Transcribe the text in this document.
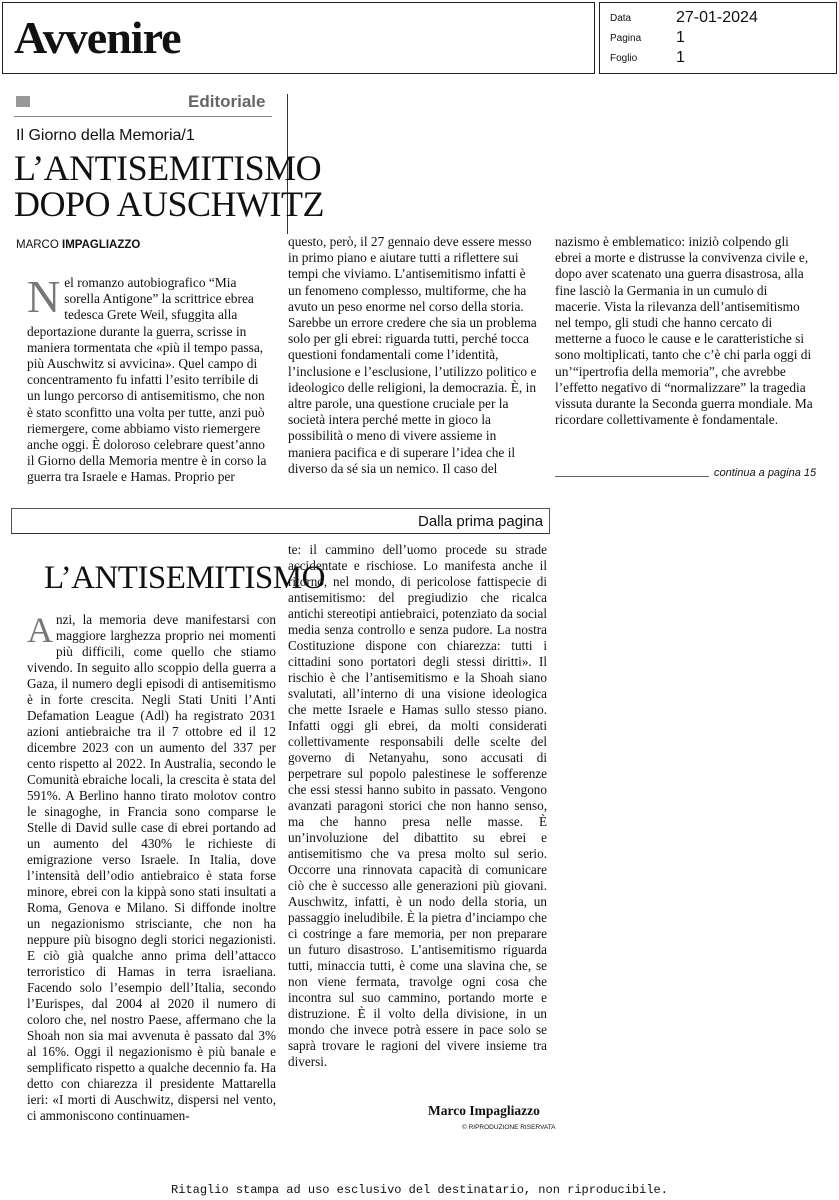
Avvenire	Data	27-01-2024
Pagina 1
Foglio 1
Editoriale
Il Giorno della Memoria/1
L’ANTISEMITISMO
DOPO AUSCHWITZ
MARCO IMPAGLIAZZO
Nel romanzo autobiografico “Mia sorella Antigone” la scrittrice ebrea tedesca Grete Weil, sfuggita alla deportazione durante la guerra, scrisse in maniera tormentata che «più il tempo passa, più Auschwitz si avvicina». Quel campo di concentramento fu infatti l’esito terribile di un lungo percorso di antisemitismo, che non è stato sconfitto una volta per tutte, anzi può riemergere, come abbiamo visto riemergere anche oggi. È doloroso celebrare quest’anno il Giorno della Memoria mentre è in corso la guerra tra Israele e Hamas. Proprio per
questo, però, il 27 gennaio deve essere messo in primo piano e aiutare tutti a riflettere sui tempi che viviamo. L’antisemitismo infatti è un fenomeno complesso, multiforme, che ha avuto un peso enorme nel corso della storia. Sarebbe un errore credere che sia un problema solo per gli ebrei: riguarda tutti, perché tocca questioni fondamentali come l’identità, l’inclusione e l’esclusione, l’utilizzo politico e ideologico delle religioni, la democrazia. È, in altre parole, una questione cruciale per la società intera perché mette in gioco la possibilità o meno di vivere assieme in maniera pacifica e di superare l’idea che il diverso da sé sia un nemico. Il caso del
nazismo è emblematico: iniziò colpendo gli ebrei a morte e distrusse la convivenza civile e, dopo aver scatenato una guerra disastrosa, alla fine lasciò la Germania in un cumulo di macerie. Vista la rilevanza dell’antisemitismo nel tempo, gli studi che hanno cercato di metterne a fuoco le cause e le caratteristiche si sono moltiplicati, tanto che c’è chi parla oggi di un’“ipertrofia della memoria”, che avrebbe l’effetto negativo di “normalizzare” la tragedia vissuta durante la Seconda guerra mondiale. Ma ricordare collettivamente è fondamentale.
continua a pagina 15
Dalla prima pagina
L’ANTISEMITISMO
Anzi, la memoria deve manifestarsi con maggiore larghezza proprio nei momenti più difficili, come quello che stiamo vivendo. In seguito allo scoppio della guerra a Gaza, il numero degli episodi di antisemitismo è in forte crescita. Negli Stati Uniti l’Anti Defamation League (Adl) ha registrato 2031 azioni antiebraiche tra il 7 ottobre ed il 12 dicembre 2023 con un aumento del 337 per cento rispetto al 2022. In Australia, secondo le Comunità ebraiche locali, la crescita è stata del 591%. A Berlino hanno tirato molotov contro le sinagoghe, in Francia sono comparse le Stelle di David sulle case di ebrei portando ad un aumento del 430% le richieste di emigrazione verso Israele. In Italia, dove l’intensità dell’odio antiebraico è stata forse minore, ebrei con la kippà sono stati insultati a Roma, Genova e Milano. Si diffonde inoltre un negazionismo strisciante, che non ha neppure più bisogno degli storici negazionisti. E ciò già qualche anno prima dell’attacco terroristico di Hamas in terra israeliana. Facendo solo l’esempio dell’Italia, secondo l’Eurispes, dal 2004 al 2020 il numero di coloro che, nel nostro Paese, affermano che la Shoah non sia mai avvenuta è passato dal 3% al 16%. Oggi il negazionismo è più banale e semplificato rispetto a qualche decennio fa. Ha detto con chiarezza il presidente Mattarella ieri: «I morti di Auschwitz, dispersi nel vento, ci ammoniscono continuamen-
te: il cammino dell’uomo procede su strade accidentate e rischiose. Lo manifesta anche il ritorno, nel mondo, di pericolose fattispecie di antisemitismo: del pregiudizio che ricalca antichi stereotipi antiebraici, potenziato da social media senza controllo e senza pudore. La nostra Costituzione dispone con chiarezza: tutti i cittadini sono portatori degli stessi diritti». Il rischio è che l’antisemitismo e la Shoah siano svalutati, all’interno di una visione ideologica che mette Israele e Hamas sullo stesso piano. Infatti oggi gli ebrei, da molti considerati collettivamente responsabili delle scelte del governo di Netanyahu, sono accusati di perpetrare sul popolo palestinese le sofferenze che essi stessi hanno subito in passato. Vengono avanzati paragoni storici che non hanno senso, ma che hanno presa nelle masse. È un’involuzione del dibattito su ebrei e antisemitismo che va presa molto sul serio. Occorre una rinnovata capacità di comunicare ciò che è successo alle generazioni più giovani. Auschwitz, infatti, è un nodo della storia, un passaggio ineludibile. È la pietra d’inciampo che ci costringe a fare memoria, per non preparare un futuro disastroso. L’antisemitismo riguarda tutti, minaccia tutti, è come una slavina che, se non viene fermata, travolge ogni cosa che incontra sul suo cammino, portando morte e distruzione. È il volto della divisione, in un mondo che invece potrà essere in pace solo se saprà trovare le ragioni del vivere insieme tra diversi.
Marco Impagliazzo
© RIPRODUZIONE RISERVATA
Ritaglio stampa ad uso esclusivo del destinatario, non riproducibile.
